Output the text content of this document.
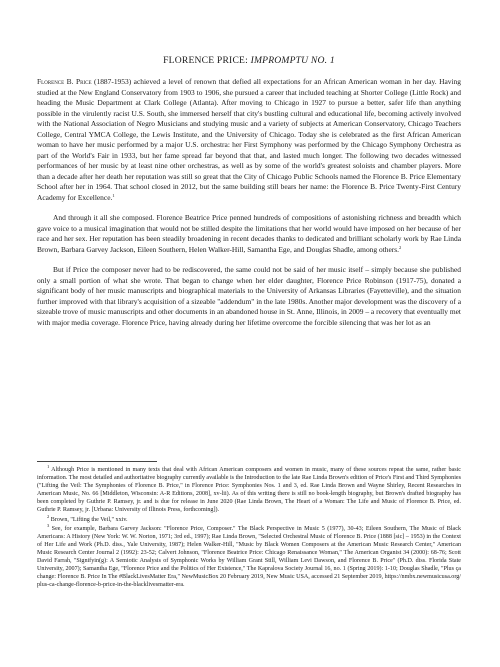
FLORENCE PRICE: IMPROMPTU NO. 1

Florence B. Price (1887-1953) achieved a level of renown that defied all expectations for an African American woman in her day. Having studied at the New England Conservatory from 1903 to 1906, she pursued a career that included teaching at Shorter College (Little Rock) and heading the Music Department at Clark College (Atlanta). After moving to Chicago in 1927 to pursue a better, safer life than anything possible in the virulently racist U.S. South, she immersed herself that city's bustling cultural and educational life, becoming actively involved with the National Association of Negro Musicians and studying music and a variety of subjects at American Conservatory, Chicago Teachers College, Central YMCA College, the Lewis Institute, and the University of Chicago. Today she is celebrated as the first African American woman to have her music performed by a major U.S. orchestra: her First Symphony was performed by the Chicago Symphony Orchestra as part of the World's Fair in 1933, but her fame spread far beyond that that, and lasted much longer. The following two decades witnessed performances of her music by at least nine other orchestras, as well as by some of the world's greatest soloists and chamber players. More than a decade after her death her reputation was still so great that the City of Chicago Public Schools named the Florence B. Price Elementary School after her in 1964. That school closed in 2012, but the same building still bears her name: the Florence B. Price Twenty-First Century Academy for Excellence.$^1$

And through it all she composed. Florence Beatrice Price penned hundreds of compositions of astonishing richness and breadth which gave voice to a musical imagination that would not be stilled despite the limitations that her world would have imposed on her because of her race and her sex. Her reputation has been steadily broadening in recent decades thanks to dedicated and brilliant scholarly work by Rae Linda Brown, Barbara Garvey Jackson, Eileen Southern, Helen Walker-Hill, Samantha Ege, and Douglas Shadle, among others.$^2$

But if Price the composer never had to be rediscovered, the same could not be said of her music itself – simply because she published only a small portion of what she wrote. That began to change when her elder daughter, Florence Price Robinson (1917-75), donated a significant body of her music manuscripts and biographical materials to the University of Arkansas Libraries (Fayetteville), and the situation further improved with that library's acquisition of a sizeable "addendum" in the late 1980s. Another major development was the discovery of a sizeable trove of music manuscripts and other documents in an abandoned house in St. Anne, Illinois, in 2009 – a recovery that eventually met with major media coverage. Florence Price, having already during her lifetime overcome the forcible silencing that was her lot as an

$^1$ Although Price is mentioned in many texts that deal with African American composers and women in music, many of these sources repeat the same, rather basic information. The most detailed and authoritative biography currently available is the Introduction to the late Rae Linda Brown's edition of Price's First and Third Symphonies ("Lifting the Veil: The Symphonies of Florence B. Price," in Florence Price: Symphonies Nos. 1 and 3, ed. Rae Linda Brown and Wayne Shirley, Recent Researches in American Music, No. 66 [Middleton, Wisconsin: A-R Editions, 2008], xv-lii). As of this writing there is still no book-length biography, but Brown's drafted biography has been completed by Guthrie P. Ramsey, jr. and is due for release in June 2020 (Rae Linda Brown, The Heart of a Woman: The Life and Music of Florence B. Price, ed. Guthrie P. Ramsey, jr. [Urbana: University of Illinois Press, forthcoming]).

$^2$ Brown, "Lifting the Veil," xxiv.

$^3$ See, for example, Barbara Garvey Jackson: "Florence Price, Composer." The Black Perspective in Music 5 (1977), 30-43; Eileen Southern, The Music of Black Americans: A History (New York: W. W. Norton, 1971; 3rd ed., 1997); Rae Linda Brown, "Selected Orchestral Music of Florence B. Price (1888 [sic] – 1953) in the Context of Her Life and Work (Ph.D. diss., Yale University, 1987); Helen Walker-Hill, "Music by Black Women Composers at the American Music Research Center," American Music Research Center Journal 2 (1992): 23-52; Calvert Johnson, "Florence Beatrice Price: Chicago Renaissance Woman," The American Organist 34 (2000): 68-76; Scott David Farrah, "Signifyin(g): A Semiotic Analysis of Symphonic Works by William Grant Still, William Levi Dawson, and Florence B. Price" (Ph.D. diss. Florida State University, 2007); Samantha Ege, "Florence Price and the Politics of Her Existence," The Kapralova Society Journal 16, no. 1 (Spring 2019): 1-10; Douglas Shadle, "Plus ça change: Florence B. Price In The #BlackLivesMatter Era," NewMusicBox 20 February 2019, New Music USA, accessed 21 September 2019, https://nmbx.newmusicusa.org/plus-ca-change-florence-b-price-in-the-blacklivesmatter-era.
